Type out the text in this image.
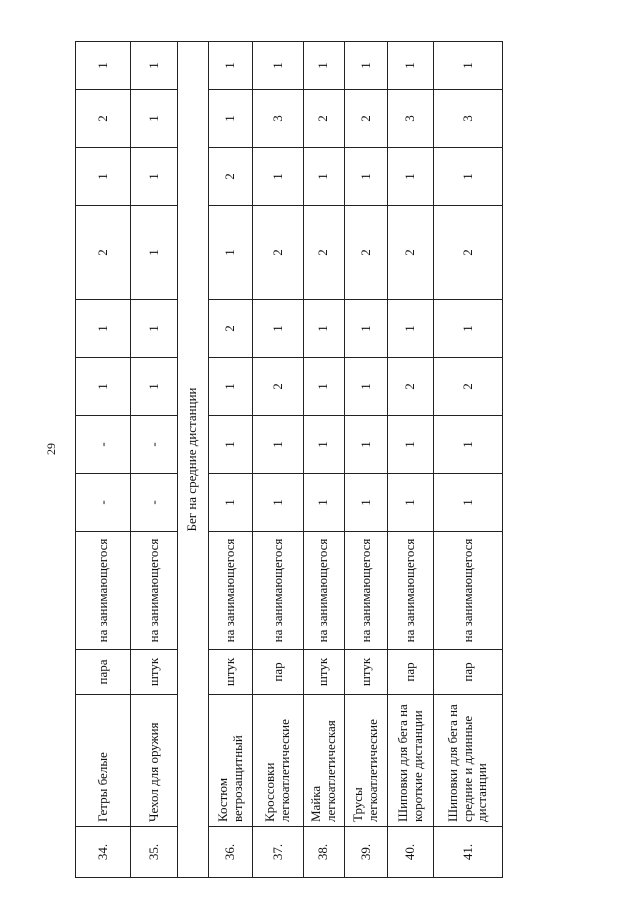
29
34.	Гетры белые	пара	на занимающегося	-	-	1	1	2	1	2	1
35.	Чехол для оружия	штук	на занимающегося	-	-	1	1	1	1	1	1
Бег на средние дистанции											
36.	Костюм ветрозащитный	штук	на занимающегося	1	1	1	2	1	2	1	1
37.	Кроссовки легкоатлетические	пар	на занимающегося	1	1	2	1	2	1	3	1
38.	Майка легкоатлетическая	штук	на занимающегося	1	1	1	1	2	1	2	1
39.	Трусы легкоатлетические	штук	на занимающегося	1	1	1	1	2	1	2	1
40.	Шиповки для бега на короткие дистанции	пар	на занимающегося	1	1	2	1	2	1	3	1
41.	Шиповки для бега на средние и длинные дистанции	пар	на занимающегося	1	1	2	1	2	1	3	1
